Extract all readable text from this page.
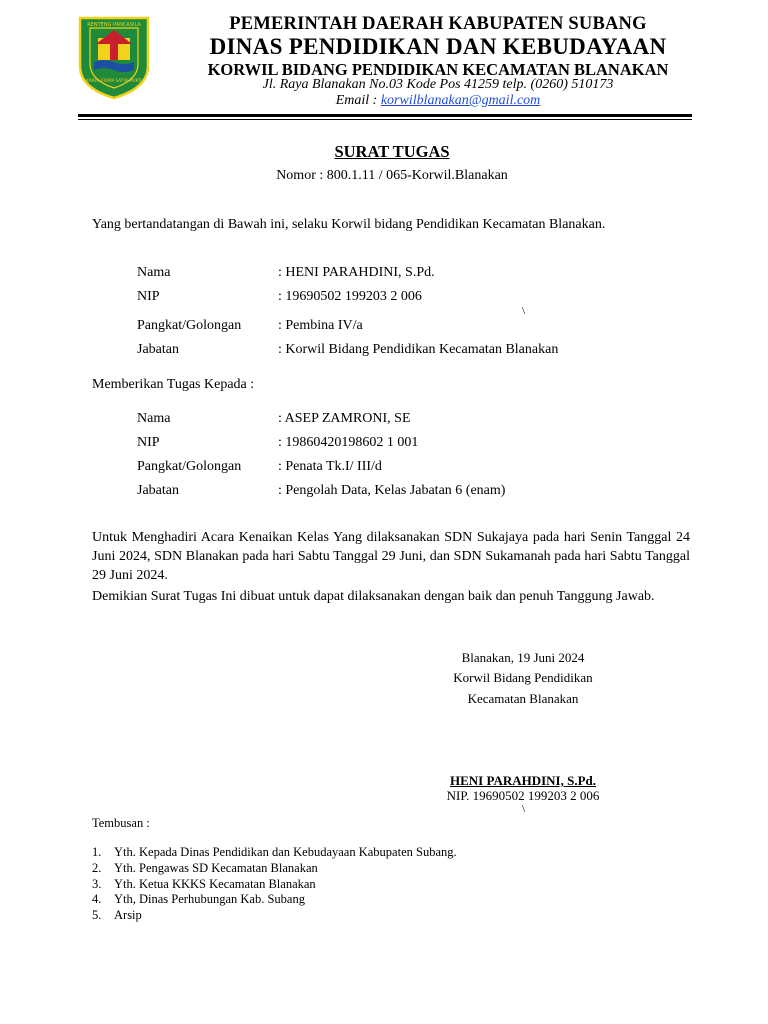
RENTENG PANCASILA
KARYA UTAMA SATYA MUKTI
PEMERINTAH DAERAH KABUPATEN SUBANG
DINAS PENDIDIKAN DAN KEBUDAYAAN
KORWIL BIDANG PENDIDIKAN KECAMATAN BLANAKAN
Jl. Raya Blanakan No.03 Kode Pos 41259 telp. (0260) 510173
Email : korwilblanakan@gmail.com
SURAT TUGAS
Nomor : 800.1.11 / 065-Korwil.Blanakan
Yang bertandatangan di Bawah ini, selaku Korwil bidang Pendidikan Kecamatan Blanakan.
Nama	: HENI PARAHDINI, S.Pd.
NIP	: 19690502 199203 2 006
\
Pangkat/Golongan	: Pembina IV/a
Jabatan	: Korwil Bidang Pendidikan Kecamatan Blanakan
Memberikan Tugas Kepada :
Nama	: ASEP ZAMRONI, SE
NIP	: 19860420198602 1 001
Pangkat/Golongan	: Penata Tk.I/ III/d
Jabatan	: Pengolah Data, Kelas Jabatan 6 (enam)
Untuk Menghadiri Acara Kenaikan Kelas Yang dilaksanakan SDN Sukajaya pada hari Senin Tanggal 24 Juni 2024, SDN Blanakan pada hari Sabtu Tanggal 29 Juni, dan SDN Sukamanah pada hari Sabtu Tanggal 29 Juni 2024.
Demikian Surat Tugas Ini dibuat untuk dapat dilaksanakan dengan baik dan penuh Tanggung Jawab.
Blanakan, 19 Juni 2024
Korwil Bidang Pendidikan
Kecamatan Blanakan
HENI PARAHDINI, S.Pd.
NIP. 19690502 199203 2 006
\
Tembusan :
1. Yth. Kepada Dinas Pendidikan dan Kebudayaan Kabupaten Subang.
2. Yth. Pengawas SD Kecamatan Blanakan
3. Yth. Ketua KKKS Kecamatan Blanakan
4. Yth, Dinas Perhubungan Kab. Subang
5. Arsip
